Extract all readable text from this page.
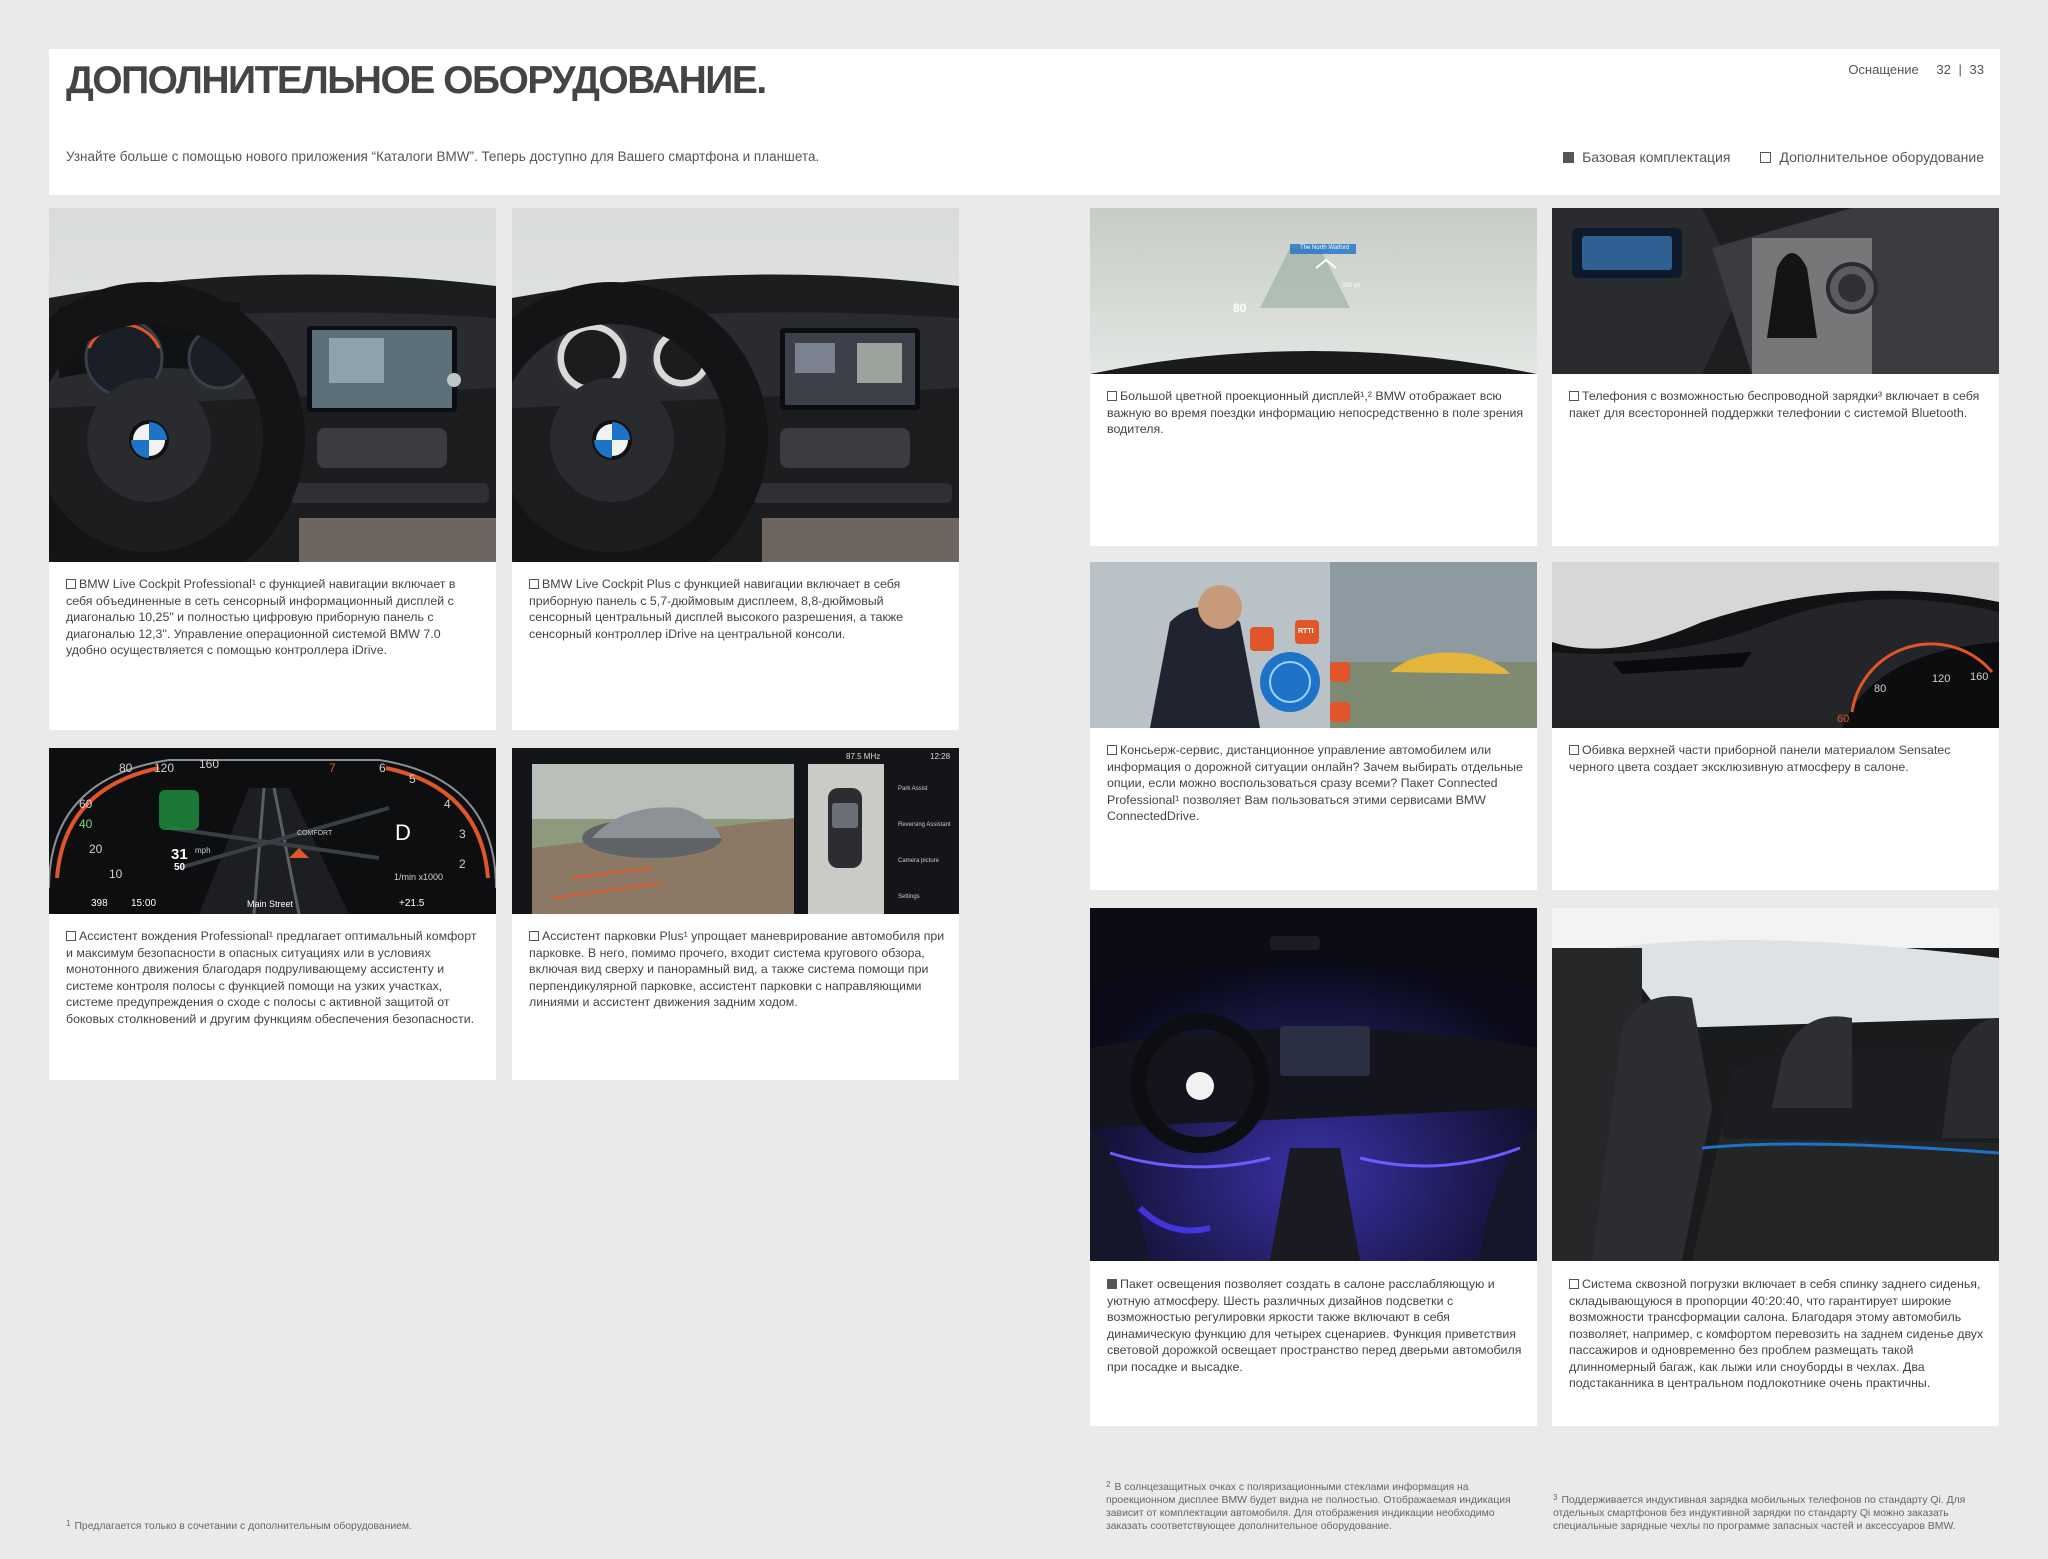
ДОПОЛНИТЕЛЬНОЕ ОБОРУДОВАНИЕ.	Оснащение 32 | 33
Узнайте больше с помощью нового приложения “Каталоги BMW”. Теперь доступно для Вашего смартфона и планшета.	Базовая комплектация	Дополнительное оборудование

BMW Live Cockpit Professional¹ с функцией навигации включает в себя объединенные в сеть сенсорный информационный дисплей с диагональю 10,25" и полностью цифровую приборную панель с диагональю 12,3". Управление операционной системой BMW 7.0 удобно осуществляется с помощью контроллера iDrive.

BMW Live Cockpit Plus с функцией навигации включает в себя приборную панель с 5,7-дюймовым дисплеем, 8,8-дюймовый сенсорный центральный дисплей высокого разрешения, а также сенсорный контроллер iDrive на центральной консоли.

80 120 160
60
40
20
10
6
5
4
3
2
7
1/min x1000
31 mph
50
D
COMFORT
398 15:00	Main Street	+21.5

Ассистент вождения Professional¹ предлагает оптимальный комфорт и максимум безопасности в опасных ситуациях или в условиях монотонного движения благодаря подруливающему ассистенту и системе контроля полосы с функцией помощи на узких участках, системе предупреждения о сходе с полосы с активной защитой от боковых столкновений и другим функциям обеспечения безопасности.

87.5 MHz	12:28
Park Assist
Reversing Assistant
Camera picture
Settings

Ассистент парковки Plus¹ упрощает маневрирование автомобиля при парковке. В него, помимо прочего, входит система кругового обзора, включая вид сверху и панорамный вид, а также система помощи при перпендикулярной парковке, ассистент парковки с направляющими линиями и ассистент движения задним ходом.

The North Watford
80
300 yd

Большой цветной проекционный дисплей¹,² BMW отображает всю важную во время поездки информацию непосредственно в поле зрения водителя.

Телефония с возможностью беспроводной зарядки³ включает в себя пакет для всесторонней поддержки телефонии с системой Bluetooth.

RTTI

Консьерж-сервис, дистанционное управление автомобилем или информация о дорожной ситуации онлайн? Зачем выбирать отдельные опции, если можно воспользоваться сразу всеми? Пакет Connected Professional¹ позволяет Вам пользоваться этими сервисами BMW ConnectedDrive.

60
80
120 160

Обивка верхней части приборной панели материалом Sensatec черного цвета создает эксклюзивную атмосферу в салоне.

Пакет освещения позволяет создать в салоне расслабляющую и уютную атмосферу. Шесть различных дизайнов подсветки с возможностью регулировки яркости также включают в себя динамическую функцию для четырех сценариев. Функция приветствия световой дорожкой освещает пространство перед дверьми автомобиля при посадке и высадке.

Система сквозной погрузки включает в себя спинку заднего сиденья, складывающуюся в пропорции 40:20:40, что гарантирует широкие возможности трансформации салона. Благодаря этому автомобиль позволяет, например, с комфортом перевозить на заднем сиденье двух пассажиров и одновременно без проблем размещать такой длинномерный багаж, как лыжи или сноуборды в чехлах. Два подстаканника в центральном подлокотнике очень практичны.

$^1$ Предлагается только в сочетании с дополнительным оборудованием.

$^2$ В солнцезащитных очках с поляризационными стеклами информация на проекционном дисплее BMW будет видна не полностью. Отображаемая индикация зависит от комплектации автомобиля. Для отображения индикации необходимо заказать соответствующее дополнительное оборудование.

$^3$ Поддерживается индуктивная зарядка мобильных телефонов по стандарту Qi. Для отдельных смартфонов без индуктивной зарядки по стандарту Qi можно заказать специальные зарядные чехлы по программе запасных частей и аксессуаров BMW.
